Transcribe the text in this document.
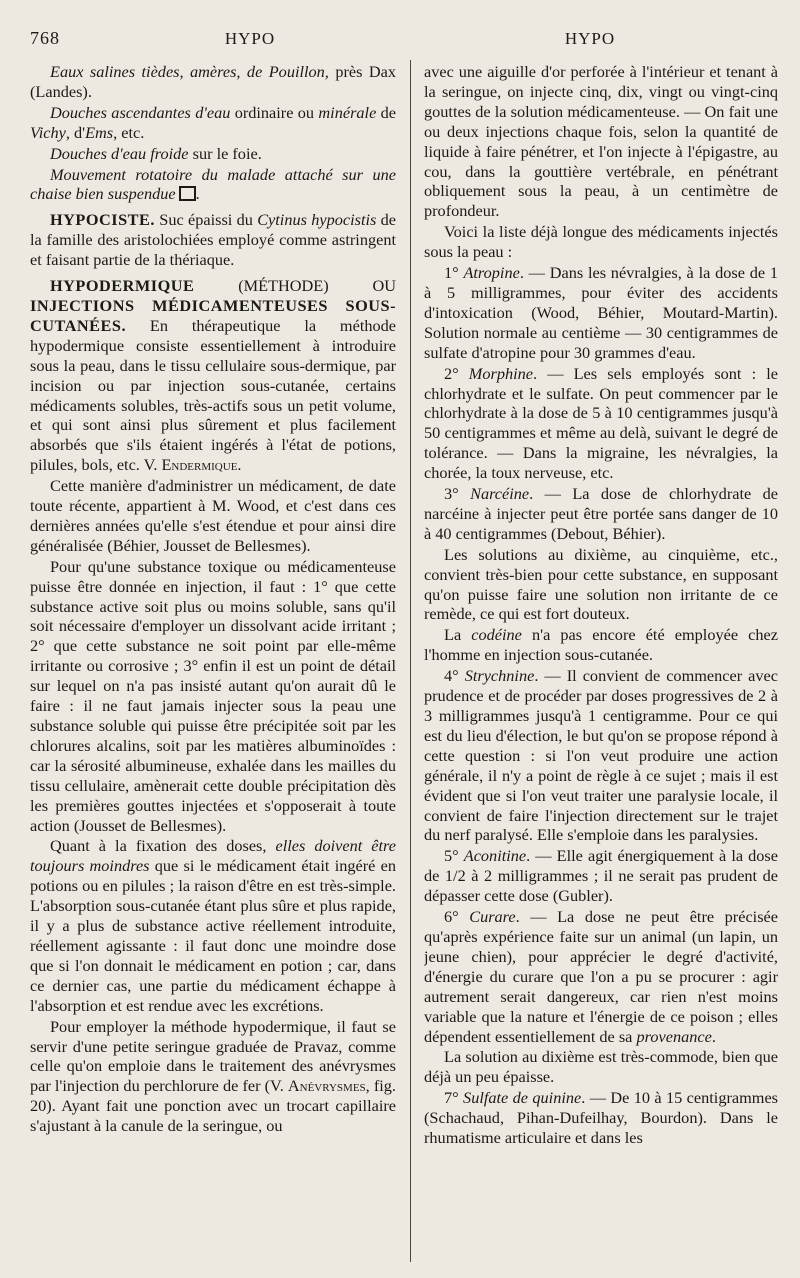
768	HYPO	HYPO

Eaux salines tièdes, amères, de Pouillon, près Dax (Landes).

Douches ascendantes d'eau ordinaire ou minérale de Vichy, d'Ems, etc.

Douches d'eau froide sur le foie.

Mouvement rotatoire du malade attaché sur une chaise bien suspendue .

HYPOCISTE. Suc épaissi du Cytinus hypocistis de la famille des aristolochiées employé comme astringent et faisant partie de la thériaque.

HYPODERMIQUE (MÉTHODE) OU INJECTIONS MÉDICAMENTEUSES SOUS-CUTANÉES. En thérapeutique la méthode hypodermique consiste essentiellement à introduire sous la peau, dans le tissu cellulaire sous-dermique, par incision ou par injection sous-cutanée, certains médicaments solubles, très-actifs sous un petit volume, et qui sont ainsi plus sûrement et plus facilement absorbés que s'ils étaient ingérés à l'état de potions, pilules, bols, etc. V. Endermique.

Cette manière d'administrer un médicament, de date toute récente, appartient à M. Wood, et c'est dans ces dernières années qu'elle s'est étendue et pour ainsi dire généralisée (Béhier, Jousset de Bellesmes).

Pour qu'une substance toxique ou médicamenteuse puisse être donnée en injection, il faut : 1° que cette substance active soit plus ou moins soluble, sans qu'il soit nécessaire d'employer un dissolvant acide irritant ; 2° que cette substance ne soit point par elle-même irritante ou corrosive ; 3° enfin il est un point de détail sur lequel on n'a pas insisté autant qu'on aurait dû le faire : il ne faut jamais injecter sous la peau une substance soluble qui puisse être précipitée soit par les chlorures alcalins, soit par les matières albuminoïdes : car la sérosité albumineuse, exhalée dans les mailles du tissu cellulaire, amènerait cette double précipitation dès les premières gouttes injectées et s'opposerait à toute action (Jousset de Bellesmes).

Quant à la fixation des doses, elles doivent être toujours moindres que si le médicament était ingéré en potions ou en pilules ; la raison d'être en est très-simple. L'absorption sous-cutanée étant plus sûre et plus rapide, il y a plus de substance active réellement introduite, réellement agissante : il faut donc une moindre dose que si l'on donnait le médicament en potion ; car, dans ce dernier cas, une partie du médicament échappe à l'absorption et est rendue avec les excrétions.

Pour employer la méthode hypodermique, il faut se servir d'une petite seringue graduée de Pravaz, comme celle qu'on emploie dans le traitement des anévrysmes par l'injection du perchlorure de fer (V. Anévrysmes, fig. 20). Ayant fait une ponction avec un trocart capillaire s'ajustant à la canule de la seringue, ou

avec une aiguille d'or perforée à l'intérieur et tenant à la seringue, on injecte cinq, dix, vingt ou vingt-cinq gouttes de la solution médicamenteuse. — On fait une ou deux injections chaque fois, selon la quantité de liquide à faire pénétrer, et l'on injecte à l'épigastre, au cou, dans la gouttière vertébrale, en pénétrant obliquement sous la peau, à un centimètre de profondeur.

Voici la liste déjà longue des médicaments injectés sous la peau :

1° Atropine. — Dans les névralgies, à la dose de 1 à 5 milligrammes, pour éviter des accidents d'intoxication (Wood, Béhier, Moutard-Martin). Solution normale au centième — 30 centigrammes de sulfate d'atropine pour 30 grammes d'eau.

2° Morphine. — Les sels employés sont : le chlorhydrate et le sulfate. On peut commencer par le chlorhydrate à la dose de 5 à 10 centigrammes jusqu'à 50 centigrammes et même au delà, suivant le degré de tolérance. — Dans la migraine, les névralgies, la chorée, la toux nerveuse, etc.

3° Narcéine. — La dose de chlorhydrate de narcéine à injecter peut être portée sans danger de 10 à 40 centigrammes (Debout, Béhier).

Les solutions au dixième, au cinquième, etc., convient très-bien pour cette substance, en supposant qu'on puisse faire une solution non irritante de ce remède, ce qui est fort douteux.

La codéine n'a pas encore été employée chez l'homme en injection sous-cutanée.

4° Strychnine. — Il convient de commencer avec prudence et de procéder par doses progressives de 2 à 3 milligrammes jusqu'à 1 centigramme. Pour ce qui est du lieu d'élection, le but qu'on se propose répond à cette question : si l'on veut produire une action générale, il n'y a point de règle à ce sujet ; mais il est évident que si l'on veut traiter une paralysie locale, il convient de faire l'injection directement sur le trajet du nerf paralysé. Elle s'emploie dans les paralysies.

5° Aconitine. — Elle agit énergiquement à la dose de 1/2 à 2 milligrammes ; il ne serait pas prudent de dépasser cette dose (Gubler).

6° Curare. — La dose ne peut être précisée qu'après expérience faite sur un animal (un lapin, un jeune chien), pour apprécier le degré d'activité, d'énergie du curare que l'on a pu se procurer : agir autrement serait dangereux, car rien n'est moins variable que la nature et l'énergie de ce poison ; elles dépendent essentiellement de sa provenance.

La solution au dixième est très-commode, bien que déjà un peu épaisse.

7° Sulfate de quinine. — De 10 à 15 centigrammes (Schachaud, Pihan-Dufeilhay, Bourdon). Dans le rhumatisme articulaire et dans les
